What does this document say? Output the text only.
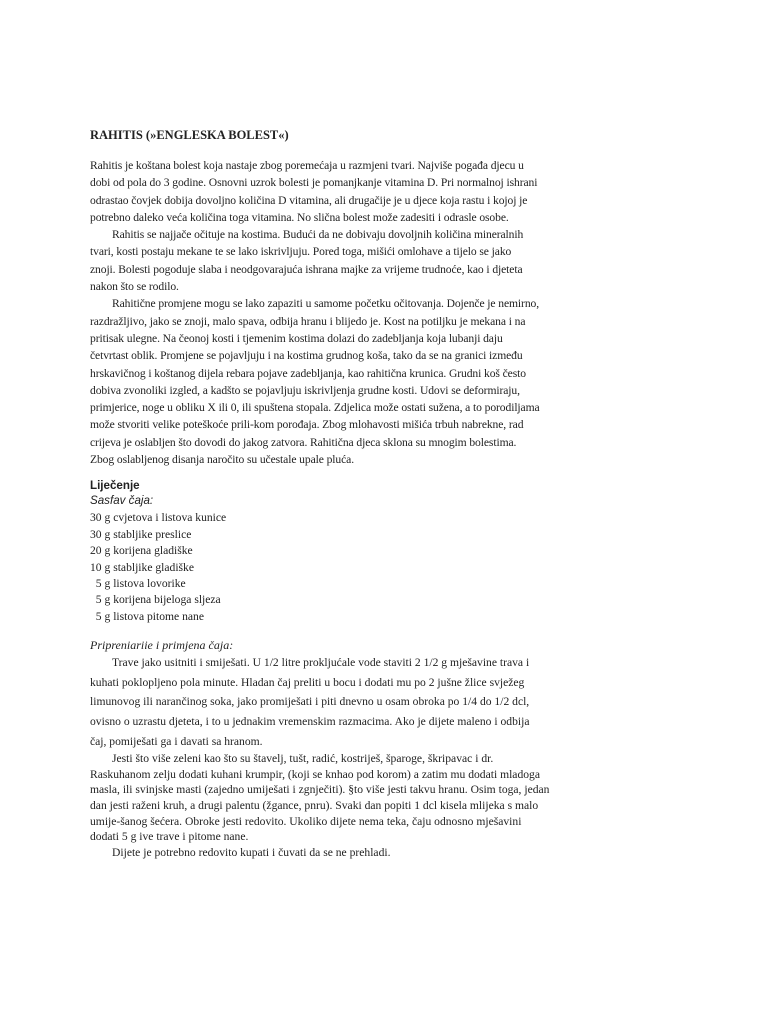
RAHITIS (»ENGLESKA BOLEST«)

Rahitis je koštana bolest koja nastaje zbog poremećaja u razmjeni tvari. Najviše pogađa djecu u
dobi od pola do 3 godine. Osnovni uzrok bolesti je pomanjkanje vitamina D. Pri normalnoj ishrani
odrastao čovjek dobija dovoljno količina D vitamina, ali drugačije je u djece koja rastu i kojoj je
potrebno daleko veća količina toga vitamina. No slična bolest može zadesiti i odrasle osobe.

Rahitis se najjače očituje na kostima. Budući da ne dobivaju dovoljnih količina mineralnih
tvari, kosti postaju mekane te se lako iskrivljuju. Pored toga, mišići omlohave a tijelo se jako
znoji. Bolesti pogoduje slaba i neodgovarajuća ishrana majke za vrijeme trudnoće, kao i djeteta
nakon što se rodilo.

Rahitične promjene mogu se lako zapaziti u samome početku očitovanja. Dojenče je nemirno,
razdražljivo, jako se znoji, malo spava, odbija hranu i blijedo je. Kost na potiljku je mekana i na
pritisak ulegne. Na čeonoj kosti i tjemenim kostima dolazi do zadebljanja koja lubanji daju
četvrtast oblik. Promjene se pojavljuju i na kostima grudnog koša, tako da se na granici između
hrskavičnog i koštanog dijela rebara pojave zadebljanja, kao rahitična krunica. Grudni koš često
dobiva zvonoliki izgled, a kadšto se pojavljuju iskrivljenja grudne kosti. Udovi se deformiraju,
primjerice, noge u obliku X ili 0, ili spuštena stopala. Zdjelica može ostati sužena, a to porodiljama
može stvoriti velike poteškoće prili-kom porođaja. Zbog mlohavosti mišića trbuh nabrekne, rad
crijeva je oslabljen što dovodi do jakog zatvora. Rahitična djeca sklona su mnogim bolestima.
Zbog oslabljenog disanja naročito su učestale upale pluća.

Liječenje
Sasfav čaja:
30 g cvjetova i listova kunice
30 g stabljike preslice
20 g korijena gladiške
10 g stabljike gladiške
5 g listova lovorike
5 g korijena bijeloga sljeza
5 g listova pitome nane
Pripreniariie i primjena čaja:

Trave jako usitniti i smiješati. U 1/2 litre prokljućale vode staviti 2 1/2 g mješavine trava i
kuhati poklopljeno pola minute. Hladan čaj preliti u bocu i dodati mu po 2 jušne žlice svježeg
limunovog ili narančinog soka, jako promiješati i piti dnevno u osam obroka po 1/4 do 1/2 dcl,
ovisno o uzrastu djeteta, i to u jednakim vremenskim razmacima. Ako je dijete maleno i odbija
čaj, pomiješati ga i davati sa hranom.

Jesti što više zeleni kao što su štavelj, tušt, radić, kostriješ, šparoge, škripavac i dr.
Raskuhanom zelju dodati kuhani krumpir, (koji se knhao pod korom) a zatim mu dodati mladoga
masla, ili svinjske masti (zajedno umiješati i zgnječiti). §to više jesti takvu hranu. Osim toga, jedan
dan jesti raženi kruh, a drugi palentu (žgance, pnru). Svaki dan popiti 1 dcl kisela mlijeka s malo
umije-šanog šećera. Obroke jesti redovito. Ukoliko dijete nema teka, čaju odnosno mješavini
dodati 5 g ive trave i pitome nane.
Dijete je potrebno redovito kupati i čuvati da se ne prehladi.
